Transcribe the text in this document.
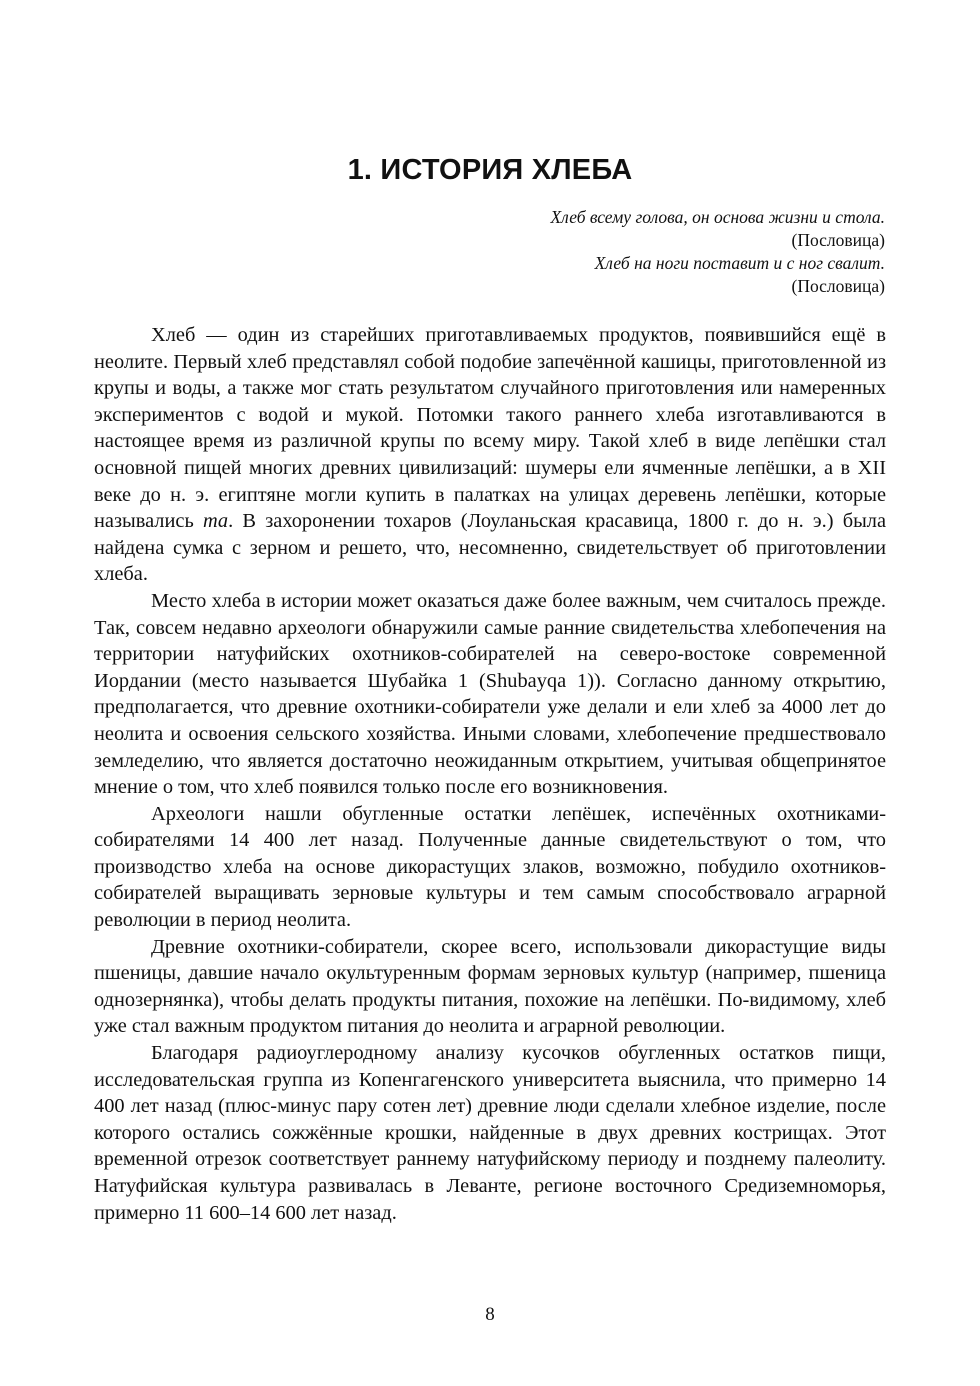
1. ИСТОРИЯ ХЛЕБА
Хлеб всему голова, он основа жизни и стола.
(Пословица)
Хлеб на ноги поставит и с ног свалит.
(Пословица)

Хлеб — один из старейших приготавливаемых продуктов, появившийся ещё в неолите. Первый хлеб представлял собой подобие запечённой кашицы, приготовленной из крупы и воды, а также мог стать результатом случайного приготовления или намеренных экспериментов с водой и мукой. Потомки такого раннего хлеба изготавливаются в настоящее время из различной крупы по всему миру. Такой хлеб в виде лепёшки стал основной пищей многих древних цивилизаций: шумеры ели ячменные лепёшки, а в XII веке до н. э. египтяне могли купить в палатках на улицах деревень лепёшки, которые назывались та. В захоронении тохаров (Лоуланьская красавица, 1800 г. до н. э.) была найдена сумка с зерном и решето, что, несомненно, свидетельствует об приготовлении хлеба.

Место хлеба в истории может оказаться даже более важным, чем считалось прежде. Так, совсем недавно археологи обнаружили самые ранние свидетельства хлебопечения на территории натуфийских охотников-собирателей на северо-востоке современной Иордании (место называется Шубайка 1 (Shubayqa 1)). Согласно данному открытию, предполагается, что древние охотники-собиратели уже делали и ели хлеб за 4000 лет до неолита и освоения сельского хозяйства. Иными словами, хлебопечение предшествовало земледелию, что является достаточно неожиданным открытием, учитывая общепринятое мнение о том, что хлеб появился только после его возникновения.

Археологи нашли обугленные остатки лепёшек, испечённых охотниками-собирателями 14 400 лет назад. Полученные данные свидетельствуют о том, что производство хлеба на основе дикорастущих злаков, возможно, побудило охотников-собирателей выращивать зерновые культуры и тем самым способствовало аграрной революции в период неолита.

Древние охотники-собиратели, скорее всего, использовали дикорастущие виды пшеницы, давшие начало окультуренным формам зерновых культур (например, пшеница однозернянка), чтобы делать продукты питания, похожие на лепёшки. По-видимому, хлеб уже стал важным продуктом питания до неолита и аграрной революции.

Благодаря радиоуглеродному анализу кусочков обугленных остатков пищи, исследовательская группа из Копенгагенского университета выяснила, что примерно 14 400 лет назад (плюс-минус пару сотен лет) древние люди сделали хлебное изделие, после которого остались сожжённые крошки, найденные в двух древних кострищах. Этот временной отрезок соответствует раннему натуфийскому периоду и позднему палеолиту. Натуфийская культура развивалась в Леванте, регионе восточного Средиземноморья, примерно 11 600–14 600 лет назад.

8
